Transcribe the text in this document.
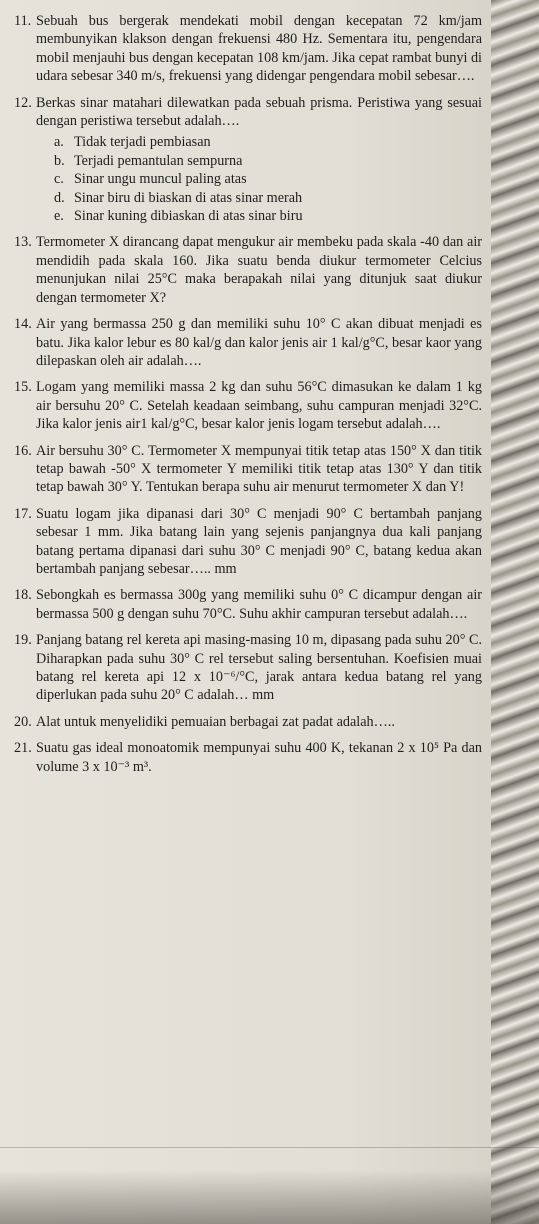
11. Sebuah bus bergerak mendekati mobil dengan kecepatan 72 km/jam membunyikan klakson dengan frekuensi 480 Hz. Sementara itu, pengendara mobil menjauhi bus dengan kecepatan 108 km/jam. Jika cepat rambat bunyi di udara sebesar 340 m/s, frekuensi yang didengar pengendara mobil sebesar….
12. Berkas sinar matahari dilewatkan pada sebuah prisma. Peristiwa yang sesuai dengan peristiwa tersebut adalah….
a. Tidak terjadi pembiasan
b. Terjadi pemantulan sempurna
c. Sinar ungu muncul paling atas
d. Sinar biru di biaskan di atas sinar merah
e. Sinar kuning dibiaskan di atas sinar biru
13. Termometer X dirancang dapat mengukur air membeku pada skala -40 dan air mendidih pada skala 160. Jika suatu benda diukur termometer Celcius menunjukan nilai 25°C maka berapakah nilai yang ditunjuk saat diukur dengan termometer X?
14. Air yang bermassa 250 g dan memiliki suhu 10° C akan dibuat menjadi es batu. Jika kalor lebur es 80 kal/g dan kalor jenis air 1 kal/g°C, besar kaor yang dilepaskan oleh air adalah….
15. Logam yang memiliki massa 2 kg dan suhu 56°C dimasukan ke dalam 1 kg air bersuhu 20° C. Setelah keadaan seimbang, suhu campuran menjadi 32°C. Jika kalor jenis air1 kal/g°C, besar kalor jenis logam tersebut adalah….
16. Air bersuhu 30° C. Termometer X mempunyai titik tetap atas 150° X dan titik tetap bawah -50° X termometer Y memiliki titik tetap atas 130° Y dan titik tetap bawah 30° Y. Tentukan berapa suhu air menurut termometer X dan Y!
17. Suatu logam jika dipanasi dari 30° C menjadi 90° C bertambah panjang sebesar 1 mm. Jika batang lain yang sejenis panjangnya dua kali panjang batang pertama dipanasi dari suhu 30° C menjadi 90° C, batang kedua akan bertambah panjang sebesar….. mm
18. Sebongkah es bermassa 300g yang memiliki suhu 0° C dicampur dengan air bermassa 500 g dengan suhu 70°C. Suhu akhir campuran tersebut adalah….
19. Panjang batang rel kereta api masing-masing 10 m, dipasang pada suhu 20° C. Diharapkan pada suhu 30° C rel tersebut saling bersentuhan. Koefisien muai batang rel kereta api 12 x 10⁻⁶/°C, jarak antara kedua batang rel yang diperlukan pada suhu 20° C adalah… mm
20. Alat untuk menyelidiki pemuaian berbagai zat padat adalah…..
21. Suatu gas ideal monoatomik mempunyai suhu 400 K, tekanan 2 x 10⁵ Pa dan volume 3 x 10⁻³ m³.
